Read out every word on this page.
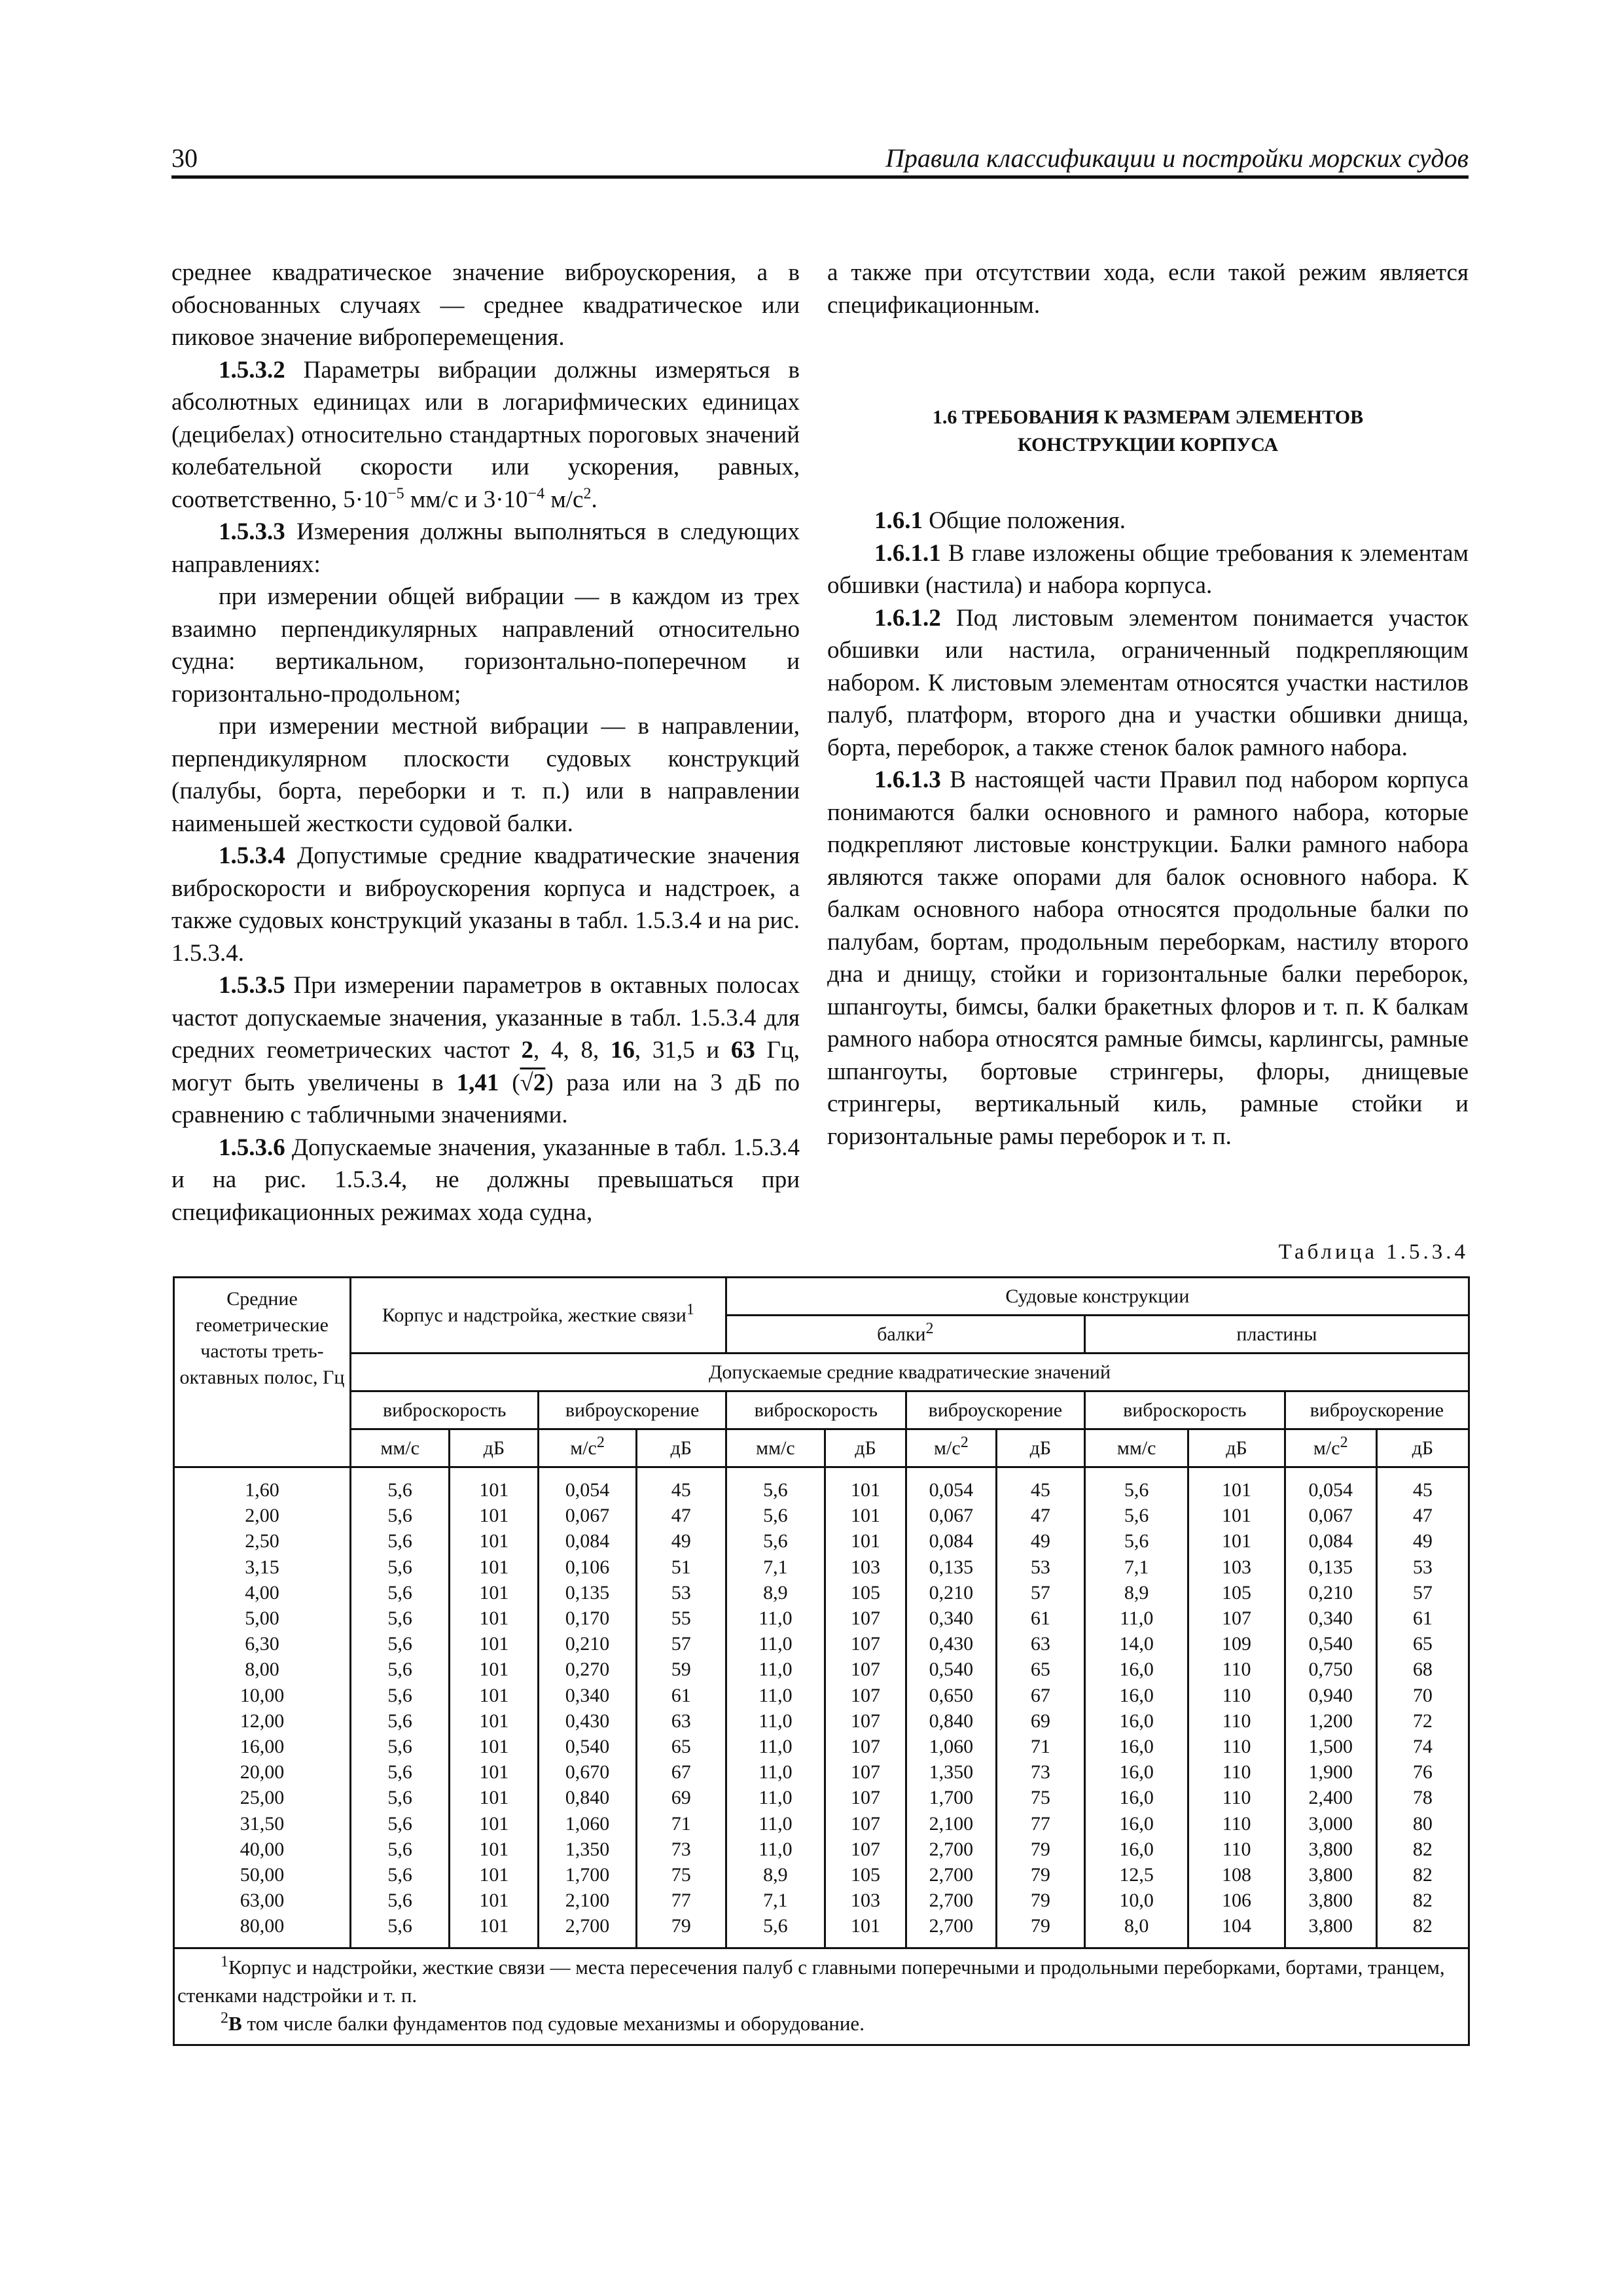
30	Правила классификации и постройки морских судов

среднее квадратическое значение виброускорения, а в обоснованных случаях — среднее квадратическое или пиковое значение виброперемещения.

1.5.3.2 Параметры вибрации должны измеряться в абсолютных единицах или в логарифмических единицах (децибелах) относительно стандартных пороговых значений колебательной скорости или ускорения, равных, соответственно, $5\cdot 10^{-5}$ мм/с и $3\cdot 10^{-4}$ $м/с^2$.

1.5.3.3 Измерения должны выполняться в следующих направлениях:

при измерении общей вибрации — в каждом из трех взаимно перпендикулярных направлений относительно судна: вертикальном, горизонтально-поперечном и горизонтально-продольном;

при измерении местной вибрации — в направлении, перпендикулярном плоскости судовых конструкций (палубы, борта, переборки и т. п.) или в направлении наименьшей жесткости судовой балки.

1.5.3.4 Допустимые средние квадратические значения виброскорости и виброускорения корпуса и надстроек, а также судовых конструкций указаны в табл. 1.5.3.4 и на рис. 1.5.3.4.

1.5.3.5 При измерении параметров в октавных полосах частот допускаемые значения, указанные в табл. 1.5.3.4 для средних геометрических частот 2, 4, 8, 16, 31,5 и 63 Гц, могут быть увеличены в 1,41 (√2) раза или на 3 дБ по сравнению с табличными значениями.

1.5.3.6 Допускаемые значения, указанные в табл. 1.5.3.4 и на рис. 1.5.3.4, не должны превышаться при спецификационных режимах хода судна,

а также при отсутствии хода, если такой режим является спецификационным.

1.6 ТРЕБОВАНИЯ К РАЗМЕРАМ ЭЛЕМЕНТОВ
КОНСТРУКЦИИ КОРПУСА

1.6.1 Общие положения.

1.6.1.1 В главе изложены общие требования к элементам обшивки (настила) и набора корпуса.

1.6.1.2 Под листовым элементом понимается участок обшивки или настила, ограниченный подкрепляющим набором. К листовым элементам относятся участки настилов палуб, платформ, второго дна и участки обшивки днища, борта, переборок, а также стенок балок рамного набора.

1.6.1.3 В настоящей части Правил под набором корпуса понимаются балки основного и рамного набора, которые подкрепляют листовые конструкции. Балки рамного набора являются также опорами для балок основного набора. К балкам основного набора относятся продольные балки по палубам, бортам, продольным переборкам, настилу второго дна и днищу, стойки и горизонтальные балки переборок, шпангоуты, бимсы, балки бракетных флоров и т. п. К балкам рамного набора относятся рамные бимсы, карлингсы, рамные шпангоуты, бортовые стрингеры, флоры, днищевые стрингеры, вертикальный киль, рамные стойки и горизонтальные рамы переборок и т. п.

Таблица 1.5.3.4
Средние геометрические частоты трeть-октавных полос, Гц	Корпус и надстройка, жесткие связи$^1$				Судовые конструкции							
					балки$^2$				пластины			
	Допускаемые средние квадратические значений											
	виброскорость		виброускорение		виброскорость		виброускорение		виброскорость		виброускорение	
	мм/с	дБ	$м/с^2$	дБ	мм/с	дБ	$м/с^2$	дБ	мм/с	дБ	$м/с^2$	дБ
1,60	5,6	101	0,054	45	5,6	101	0,054	45	5,6	101	0,054	45
2,00	5,6	101	0,067	47	5,6	101	0,067	47	5,6	101	0,067	47
2,50	5,6	101	0,084	49	5,6	101	0,084	49	5,6	101	0,084	49
3,15	5,6	101	0,106	51	7,1	103	0,135	53	7,1	103	0,135	53
4,00	5,6	101	0,135	53	8,9	105	0,210	57	8,9	105	0,210	57
5,00	5,6	101	0,170	55	11,0	107	0,340	61	11,0	107	0,340	61
6,30	5,6	101	0,210	57	11,0	107	0,430	63	14,0	109	0,540	65
8,00	5,6	101	0,270	59	11,0	107	0,540	65	16,0	110	0,750	68
10,00	5,6	101	0,340	61	11,0	107	0,650	67	16,0	110	0,940	70
12,00	5,6	101	0,430	63	11,0	107	0,840	69	16,0	110	1,200	72
16,00	5,6	101	0,540	65	11,0	107	1,060	71	16,0	110	1,500	74
20,00	5,6	101	0,670	67	11,0	107	1,350	73	16,0	110	1,900	76
25,00	5,6	101	0,840	69	11,0	107	1,700	75	16,0	110	2,400	78
31,50	5,6	101	1,060	71	11,0	107	2,100	77	16,0	110	3,000	80
40,00	5,6	101	1,350	73	11,0	107	2,700	79	16,0	110	3,800	82
50,00	5,6	101	1,700	75	8,9	105	2,700	79	12,5	108	3,800	82
63,00	5,6	101	2,100	77	7,1	103	2,700	79	10,0	106	3,800	82
80,00	5,6	101	2,700	79	5,6	101	2,700	79	8,0	104	3,800	82

$^1$Корпус и надстройки, жесткие связи — места пересечения палуб с главными поперечными и продольными переборками, бортами, транцем, стенками надстройки и т. п.
$^2$В том числе балки фундаментов под судовые механизмы и оборудование.												
